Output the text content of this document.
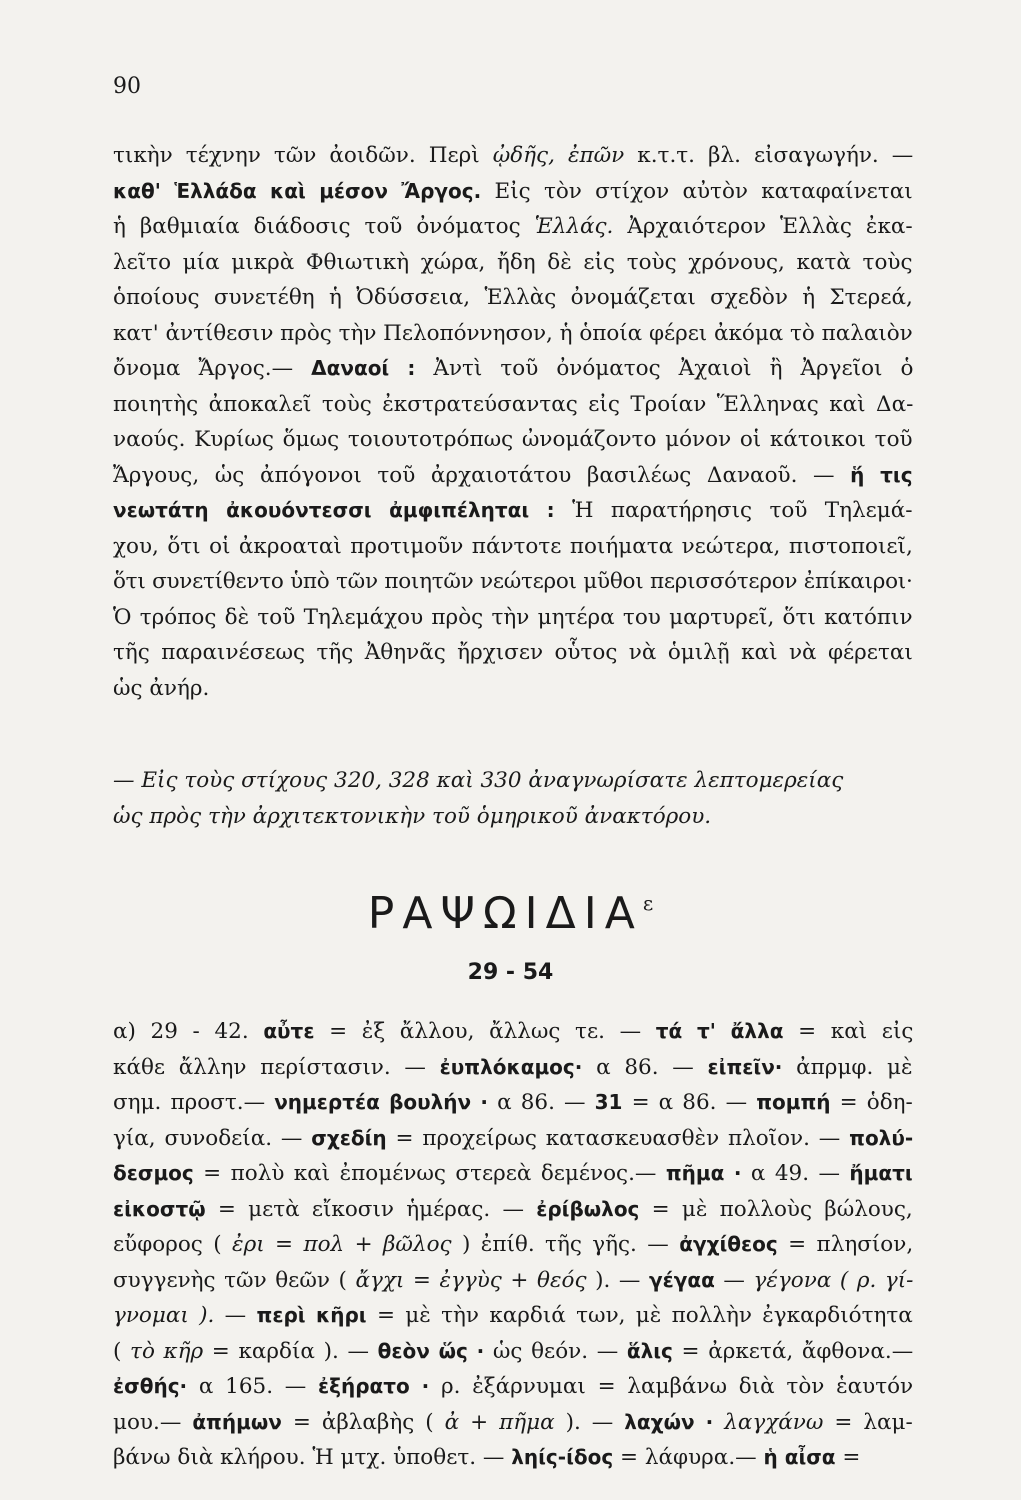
90
τικὴν τέχνην τῶν ἀοιδῶν. Περὶ ᾠδῆς, ἐπῶν κ.τ.τ. βλ. εἰσαγωγήν. —
καθ' Ἑλλάδα καὶ μέσον Ἄργος. Εἰς τὸν στίχον αὐτὸν καταφαίνεται
ἡ βαθμιαία διάδοσις τοῦ ὀνόματος Ἑλλάς. Ἀρχαιότερον Ἑλλὰς ἐκα-
λεῖτο μία μικρὰ Φθιωτικὴ χώρα, ἤδη δὲ εἰς τοὺς χρόνους, κατὰ τοὺς
ὁποίους συνετέθη ἡ Ὀδύσσεια, Ἑλλὰς ὀνομάζεται σχεδὸν ἡ Στερεά,
κατ' ἀντίθεσιν πρὸς τὴν Πελοπόννησον, ἡ ὁποία φέρει ἀκόμα τὸ παλαιὸν
ὄνομα Ἄργος.— Δαναοί : Ἀντὶ τοῦ ὀνόματος Ἀχαιοὶ ἢ Ἀργεῖοι ὁ
ποιητὴς ἀποκαλεῖ τοὺς ἐκστρατεύσαντας εἰς Τροίαν Ἕλληνας καὶ Δα-
ναούς. Κυρίως ὅμως τοιουτοτρόπως ὠνομάζοντο μόνον οἱ κάτοικοι τοῦ
Ἄργους, ὡς ἀπόγονοι τοῦ ἀρχαιοτάτου βασιλέως Δαναοῦ. — ἥ τις
νεωτάτη ἀκουόντεσσι ἀμφιπέληται : Ἡ παρατήρησις τοῦ Τηλεμά-
χου, ὅτι οἱ ἀκροαταὶ προτιμοῦν πάντοτε ποιήματα νεώτερα, πιστοποιεῖ,
ὅτι συνετίθεντο ὑπὸ τῶν ποιητῶν νεώτεροι μῦθοι περισσότερον ἐπίκαιροι·
Ὁ τρόπος δὲ τοῦ Τηλεμάχου πρὸς τὴν μητέρα του μαρτυρεῖ, ὅτι κατόπιν
τῆς παραινέσεως τῆς Ἀθηνᾶς ἤρχισεν οὗτος νὰ ὁμιλῇ καὶ νὰ φέρεται
ὡς ἀνήρ.
— Εἰς τοὺς στίχους 320, 328 καὶ 330 ἀναγνωρίσατε λεπτομερείας
ὡς πρὸς τὴν ἀρχιτεκτονικὴν τοῦ ὁμηρικοῦ ἀνακτόρου.
$PA\Psi\Omega I\Delta IA^\varepsilon$
29 - 54
α) 29 - 42. αὖτε = ἐξ ἄλλου, ἄλλως τε. — τά τ' ἄλλα = καὶ εἰς
κάθε ἄλλην περίστασιν. — ἐυπλόκαμος· α 86. — εἰπεῖν· ἀπρμφ. μὲ
σημ. προστ.— νημερτέα βουλήν · α 86. — 31 = α 86. — πομπή = ὁδη-
γία, συνοδεία. — σχεδίη = προχείρως κατασκευασθὲν πλοῖον. — πολύ-
δεσμος = πολὺ καὶ ἐπομένως στερεὰ δεμένος.— πῆμα · α 49. — ἤματι
εἰκοστῷ = μετὰ εἴκοσιν ἡμέρας. — ἐρίβωλος = μὲ πολλοὺς βώλους,
εὔφορος ( ἐρι = πολ + βῶλος ) ἐπίθ. τῆς γῆς. — ἀγχίθεος = πλησίον,
συγγενὴς τῶν θεῶν ( ἄγχι = ἐγγὺς + θεός ). — γέγαα — γέγονα ( ρ. γί-
γνομαι ). — περὶ κῆρι = μὲ τὴν καρδιά των, μὲ πολλὴν ἐγκαρδιότητα
( τὸ κῆρ = καρδία ). — θεὸν ὥς · ὡς θεόν. — ἅλις = ἀρκετά, ἄφθονα.—
ἐσθής· α 165. — ἐξήρατο · ρ. ἐξάρνυμαι = λαμβάνω διὰ τὸν ἑαυτόν
μου.— ἀπήμων = ἀβλαβὴς ( ἀ + πῆμα ). — λαχών · λαγχάνω = λαμ-
βάνω διὰ κλήρου. Ἡ μτχ. ὑποθετ. — ληίς-ίδος = λάφυρα.— ἡ αἶσα =
